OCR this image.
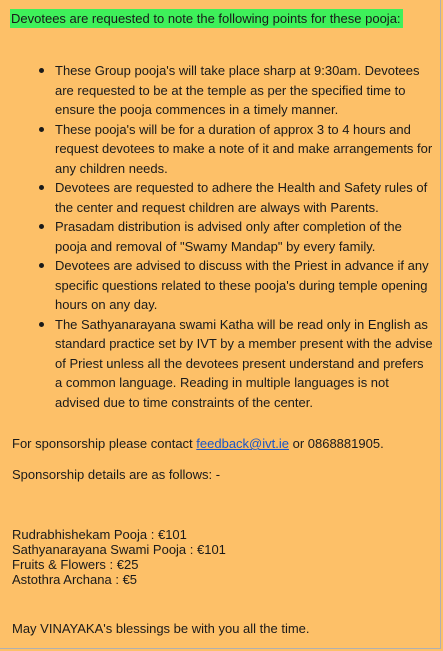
Devotees are requested to note the following points for these pooja:
These Group pooja's will take place sharp at 9:30am. Devotees are requested to be at the temple as per the specified time to ensure the pooja commences in a timely manner.
These pooja's will be for a duration of approx 3 to 4 hours and request devotees to make a note of it and make arrangements for any children needs.
Devotees are requested to adhere the Health and Safety rules of the center and request children are always with Parents.
Prasadam distribution is advised only after completion of the pooja and removal of "Swamy Mandap" by every family.
Devotees are advised to discuss with the Priest in advance if any specific questions related to these pooja's during temple opening hours on any day.
The Sathyanarayana swami Katha will be read only in English as standard practice set by IVT by a member present with the advise of Priest unless all the devotees present understand and prefers a common language. Reading in multiple languages is not advised due to time constraints of the center.
For sponsorship please contact feedback@ivt.ie or 0868881905.
Sponsorship details are as follows: -
Rudrabhishekam Pooja : €101
Sathyanarayana Swami Pooja : €101
Fruits & Flowers : €25
Astothra Archana : €5
May VINAYAKA's blessings be with you all the time.
